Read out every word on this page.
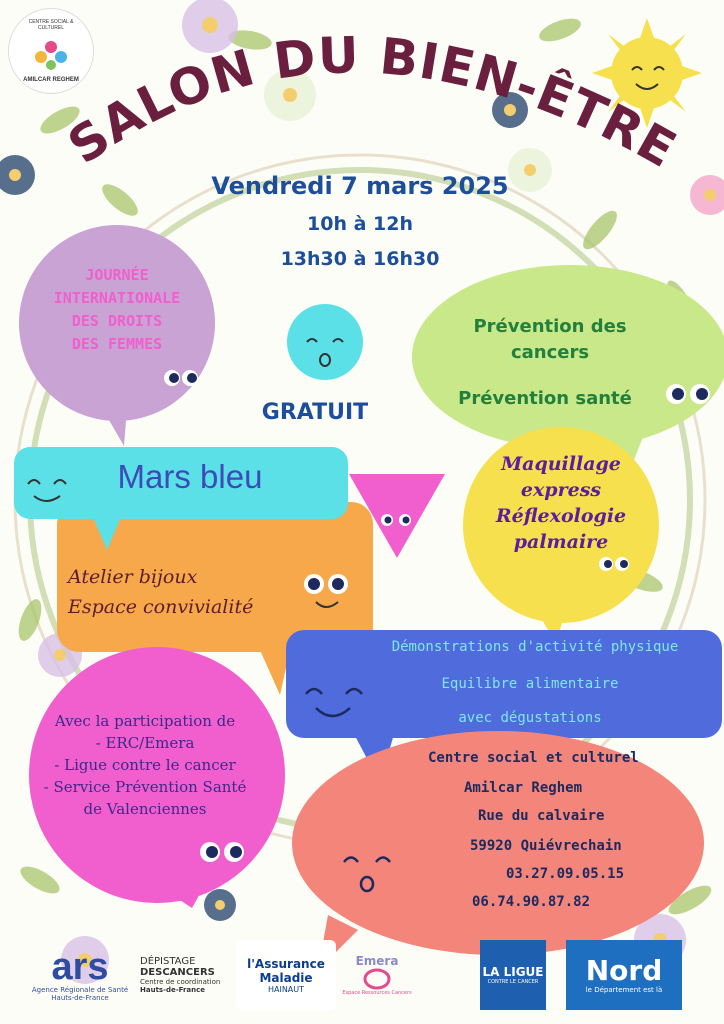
CENTRE SOCIAL & CULTUREL
AMILCAR REGHEM
SALON DU BIEN-ÊTRE
Vendredi 7 mars 2025
10h à 12h
13h30 à 16h30
JOURNÉE
INTERNATIONALE
DES DROITS
DES FEMMES
GRATUIT
Prévention des
cancers
Prévention santé
Maquillage
express
Réflexologie
palmaire
Atelier bijoux
Espace convivialité
Mars bleu
Démonstrations d'activité physique
Equilibre alimentaire
avec dégustations
Avec la participation de
- ERC/Emera
- Ligue contre le cancer
- Service Prévention Santé
de Valenciennes
Centre social et culturel
Amilcar Reghem
Rue du calvaire
59920 Quiévrechain
03.27.09.05.15
06.74.90.87.82
ars
Agence Régionale de Santé
Hauts-de-France
DÉPISTAGE
DESCANCERS
Centre de coordination
Hauts-de-France
l'Assurance
Maladie
HAINAUT
Emera
Espace Ressources Cancers
LA LIGUE
CONTRE LE CANCER Nord
le Département est là
